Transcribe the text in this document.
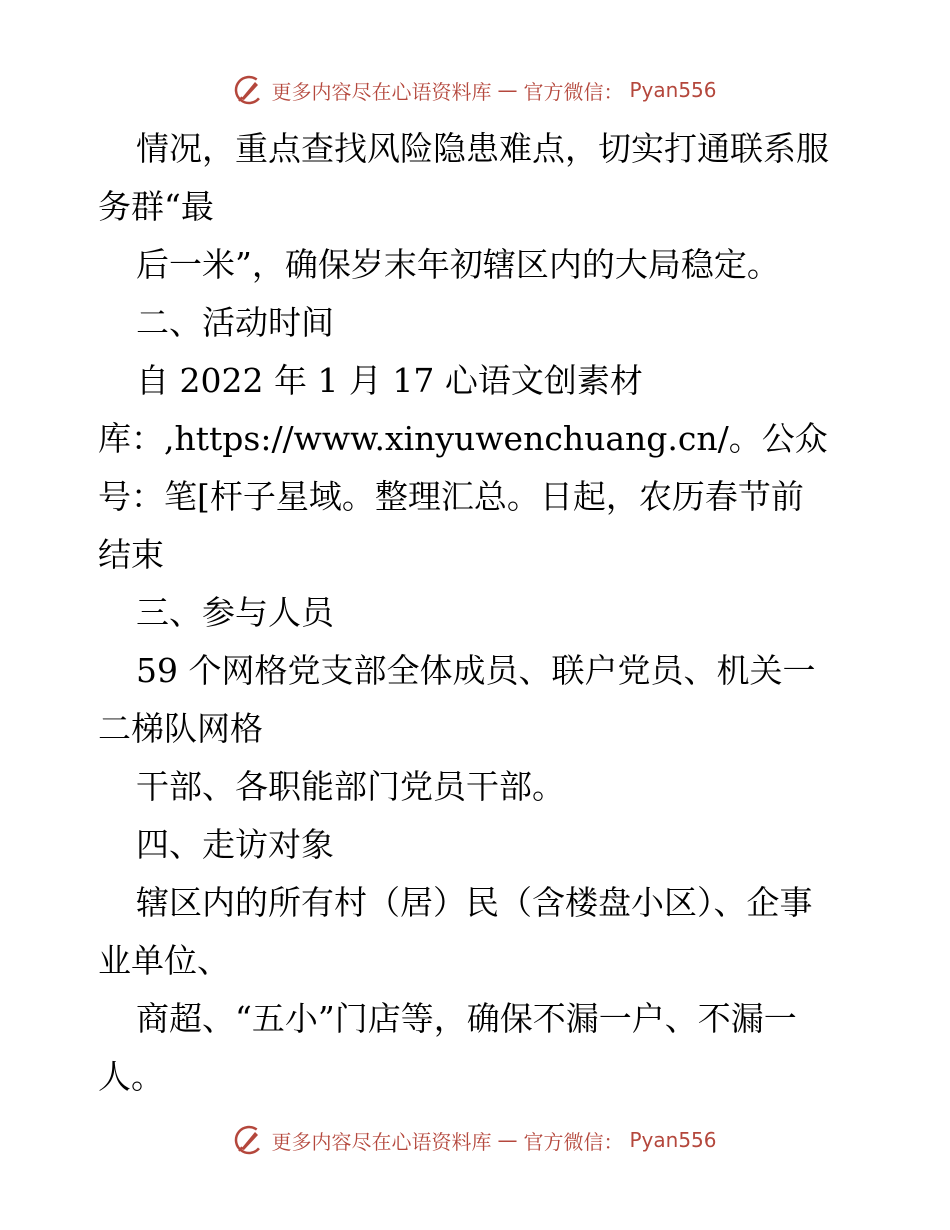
更多内容尽在心语资料库 — 官方微信： Pyan556
情况，重点查找风险隐患难点，切实打通联系服
务群“最
后一米”，确保岁末年初辖区内的大局稳定。
二、活动时间
自 2022 年 1 月 17 心语文创素材
库：,https://www.xinyuwenchuang.cn/。公众
号：笔[杆子星域。整理汇总。日起，农历春节前
结束
三、参与人员
59 个网格党支部全体成员、联户党员、机关一
二梯队网格
干部、各职能部门党员干部。
四、走访对象
辖区内的所有村（居）民（含楼盘小区）、企事
业单位、
商超、“五小”门店等，确保不漏一户、不漏一
人。
更多内容尽在心语资料库 — 官方微信： Pyan556
